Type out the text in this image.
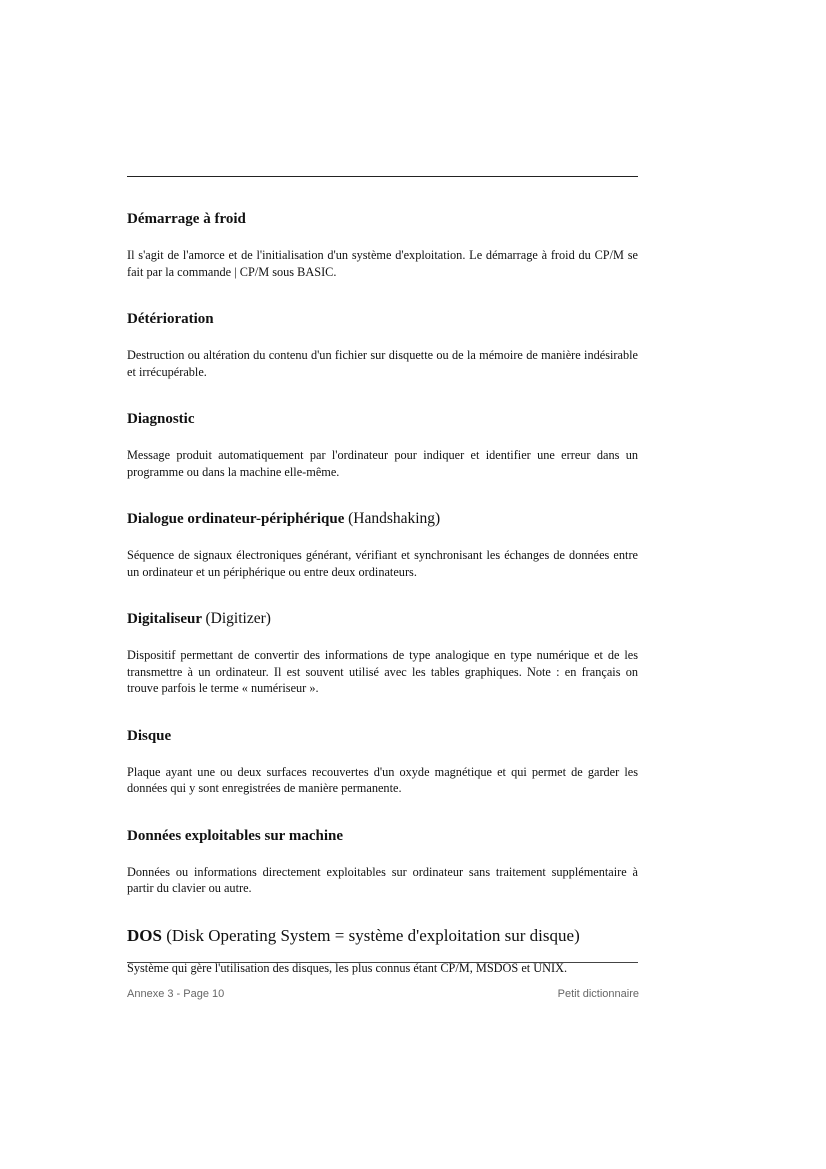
Démarrage à froid

Il s'agit de l'amorce et de l'initialisation d'un système d'exploitation. Le démarrage à froid du CP/M se fait par la commande | CP/M sous BASIC.

Détérioration

Destruction ou altération du contenu d'un fichier sur disquette ou de la mémoire de manière indésirable et irrécupérable.

Diagnostic

Message produit automatiquement par l'ordinateur pour indiquer et identifier une erreur dans un programme ou dans la machine elle-même.

Dialogue ordinateur-périphérique (Handshaking)

Séquence de signaux électroniques générant, vérifiant et synchronisant les échanges de données entre un ordinateur et un périphérique ou entre deux ordinateurs.

Digitaliseur (Digitizer)

Dispositif permettant de convertir des informations de type analogique en type numérique et de les transmettre à un ordinateur. Il est souvent utilisé avec les tables graphiques. Note : en français on trouve parfois le terme « numériseur ».

Disque

Plaque ayant une ou deux surfaces recouvertes d'un oxyde magnétique et qui permet de garder les données qui y sont enregistrées de manière permanente.

Données exploitables sur machine

Données ou informations directement exploitables sur ordinateur sans traitement supplémentaire à partir du clavier ou autre.

DOS (Disk Operating System = système d'exploitation sur disque)

Système qui gère l'utilisation des disques, les plus connus étant CP/M, MSDOS et UNIX.

Annexe 3 - Page 10	Petit dictionnaire
